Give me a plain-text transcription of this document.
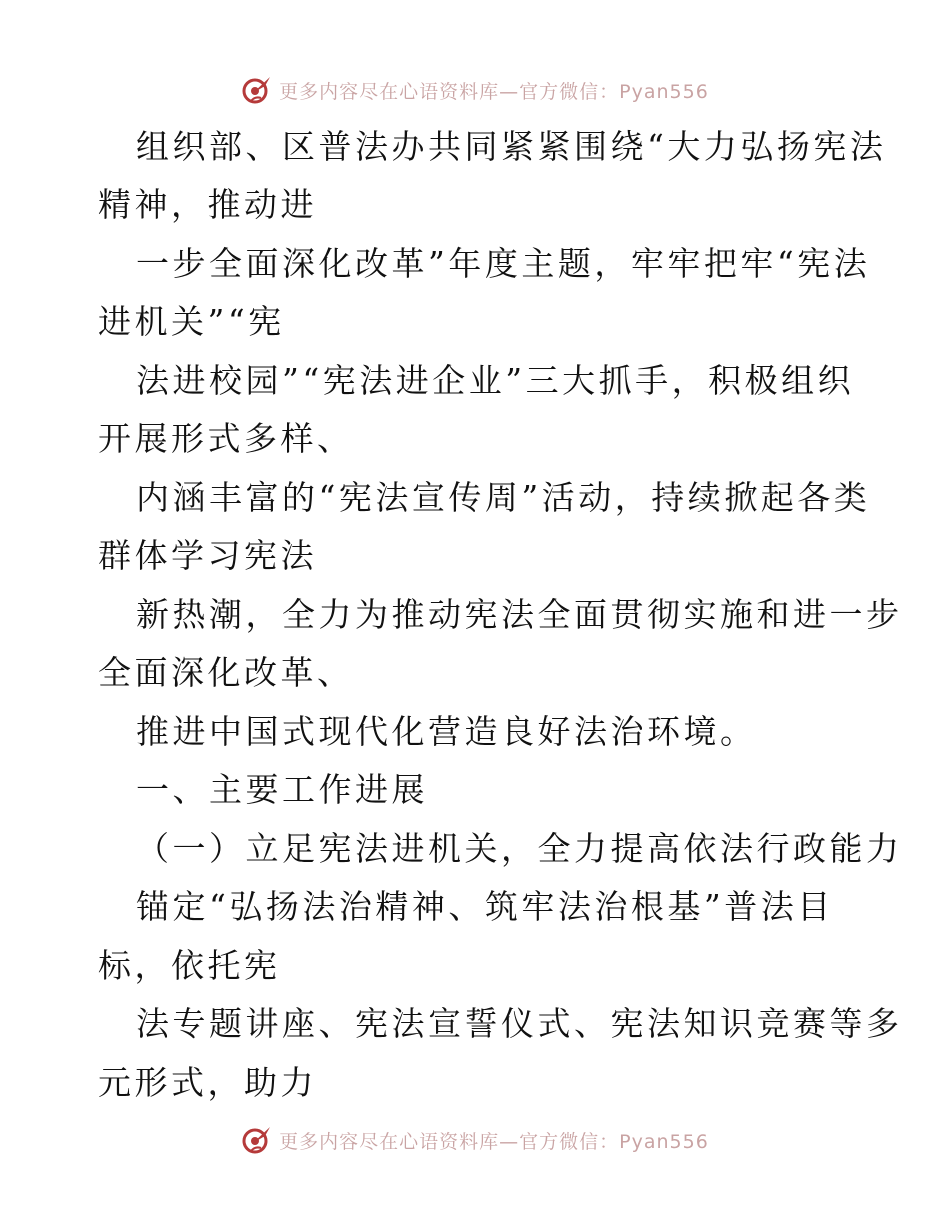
更多内容尽在心语资料库—官方微信：Pyan556
组织部、区普法办共同紧紧围绕“大力弘扬宪法
精神，推动进
一步全面深化改革”年度主题，牢牢把牢“宪法
进机关”“宪
法进校园”“宪法进企业”三大抓手，积极组织
开展形式多样、
内涵丰富的“宪法宣传周”活动，持续掀起各类
群体学习宪法
新热潮，全力为推动宪法全面贯彻实施和进一步
全面深化改革、
推进中国式现代化营造良好法治环境。
一、主要工作进展
（一）立足宪法进机关，全力提高依法行政能力
锚定“弘扬法治精神、筑牢法治根基”普法目
标，依托宪
法专题讲座、宪法宣誓仪式、宪法知识竞赛等多
元形式，助力
更多内容尽在心语资料库—官方微信：Pyan556
